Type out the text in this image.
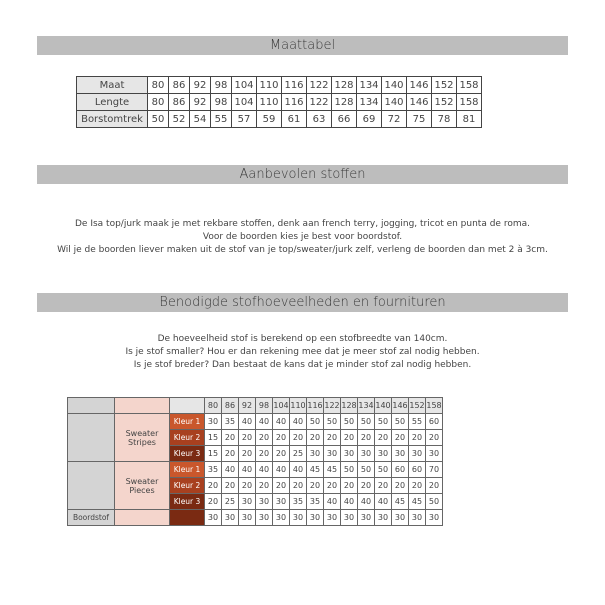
Maattabel
Maat	80	86	92	98	104	110	116	122	128	134	140	146	152	158
Lengte	80	86	92	98	104	110	116	122	128	134	140	146	152	158
Borstomtrek	50	52	54	55	57	59	61	63	66	69	72	75	78	81
Aanbevolen stoffen
De Isa top/jurk maak je met rekbare stoffen, denk aan french terry, jogging, tricot en punta de roma.
Voor de boorden kies je best voor boordstof.
Wil je de boorden liever maken uit de stof van je top/sweater/jurk zelf, verleng de boorden dan met 2 à 3cm.
Benodigde stofhoeveelheden en fournituren
De hoeveelheid stof is berekend op een stofbreedte van 140cm.
Is je stof smaller? Hou er dan rekening mee dat je meer stof zal nodig hebben.
Is je stof breder? Dan bestaat de kans dat je minder stof zal nodig hebben.
			80	86	92	98	104	110	116	122	128	134	140	146	152	158
	Sweater Stripes	Kleur 1	30	35	40	40	40	40	50	50	50	50	50	50	55	60
		Kleur 2	15	20	20	20	20	20	20	20	20	20	20	20	20	20
		Kleur 3	15	20	20	20	20	25	30	30	30	30	30	30	30	30
	Sweater Pieces	Kleur 1	35	40	40	40	40	40	45	45	50	50	50	60	60	70
		Kleur 2	20	20	20	20	20	20	20	20	20	20	20	20	20	20
		Kleur 3	20	25	30	30	30	35	35	40	40	40	40	45	45	50
Boordstof			30	30	30	30	30	30	30	30	30	30	30	30	30	30
